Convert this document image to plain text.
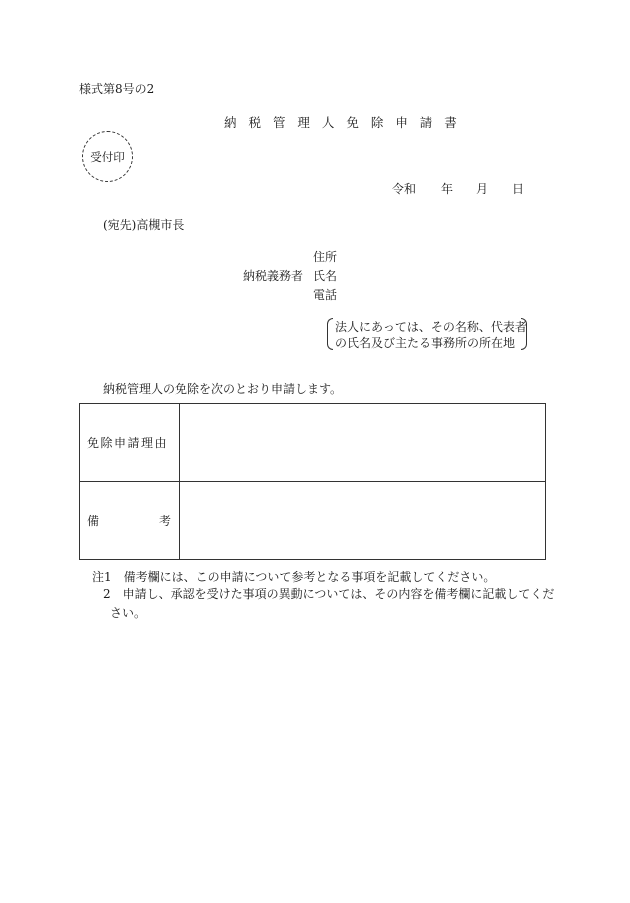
様式第8号の2
納 税 管 理 人 免 除 申 請 書
受付印
令和 年 月 日
(宛先)高槻市長
納税義務者
住所
氏名
電話
法人にあっては、その名称、代表者
の氏名及び主たる事務所の所在地
納税管理人の免除を次のとおり申請します。
免除申請理由	

備 考	

注1　備考欄には、この申請について参考となる事項を記載してください。
2　申請し、承認を受けた事項の異動については、その内容を備考欄に記載してくだ
さい。
